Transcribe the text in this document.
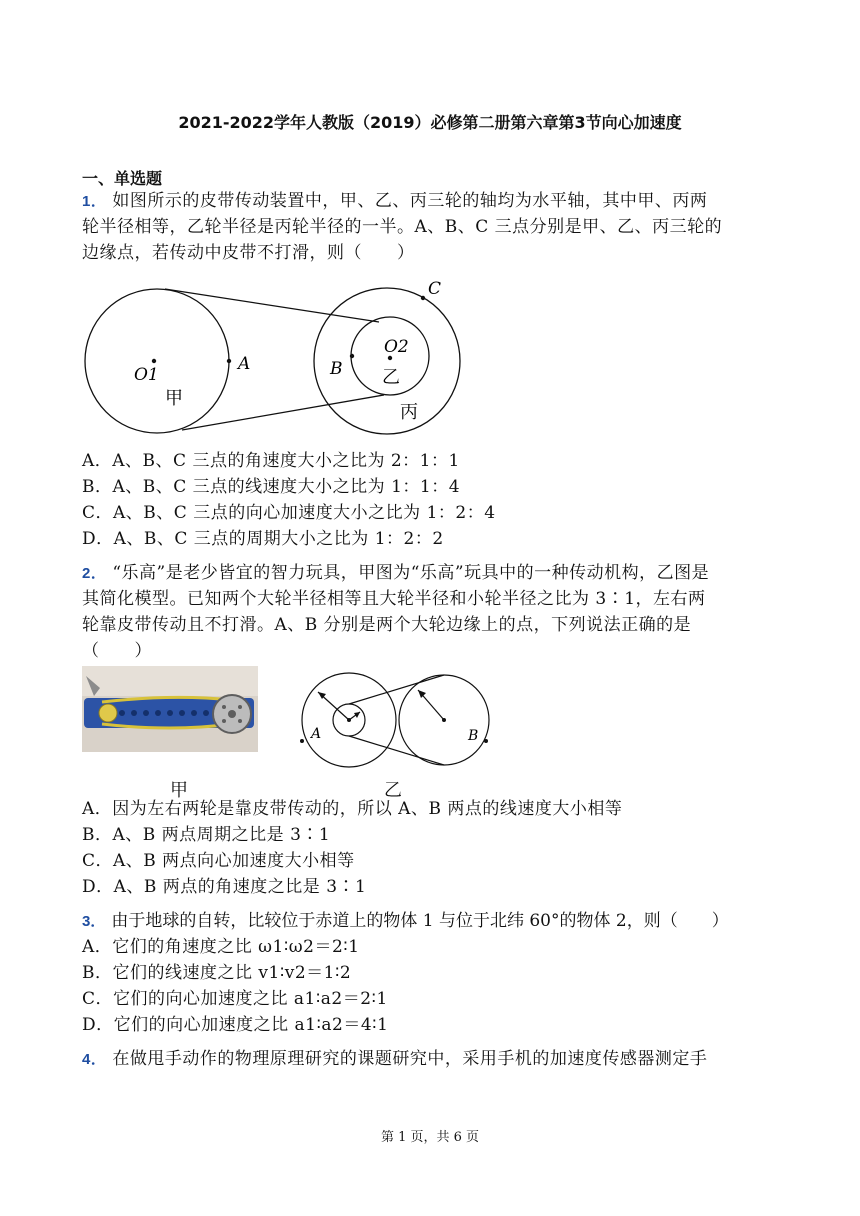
2021-2022学年人教版（2019）必修第二册第六章第3节向心加速度
一、单选题
1． 如图所示的皮带传动装置中，甲、乙、丙三轮的轴均为水平轴，其中甲、丙两
轮半径相等，乙轮半径是丙轮半径的一半。A、B、C 三点分别是甲、乙、丙三轮的
边缘点，若传动中皮带不打滑，则（　　）
O1
A
甲
B
O2
乙
C
丙
A．A、B、C 三点的角速度大小之比为 2：1：1
B．A、B、C 三点的线速度大小之比为 1：1：4
C．A、B、C 三点的向心加速度大小之比为 1：2：4
D．A、B、C 三点的周期大小之比为 1：2：2
2． “乐高”是老少皆宜的智力玩具，甲图为“乐高”玩具中的一种传动机构，乙图是
其简化模型。已知两个大轮半径相等且大轮半径和小轮半径之比为 3∶1，左右两
轮靠皮带传动且不打滑。A、B 分别是两个大轮边缘上的点，下列说法正确的是
（　　）
甲
A	B
乙
A．因为左右两轮是靠皮带传动的，所以 A、B 两点的线速度大小相等
B．A、B 两点周期之比是 3∶1
C．A、B 两点向心加速度大小相等
D．A、B 两点的角速度之比是 3∶1
3． 由于地球的自转，比较位于赤道上的物体 1 与位于北纬 60°的物体 2，则（　　）
A．它们的角速度之比 ω1∶ω2＝2∶1
B．它们的线速度之比 v1∶v2＝1∶2
C．它们的向心加速度之比 a1∶a2＝2∶1
D．它们的向心加速度之比 a1∶a2＝4∶1
4． 在做甩手动作的物理原理研究的课题研究中，采用手机的加速度传感器测定手
第 1 页，共 6 页
